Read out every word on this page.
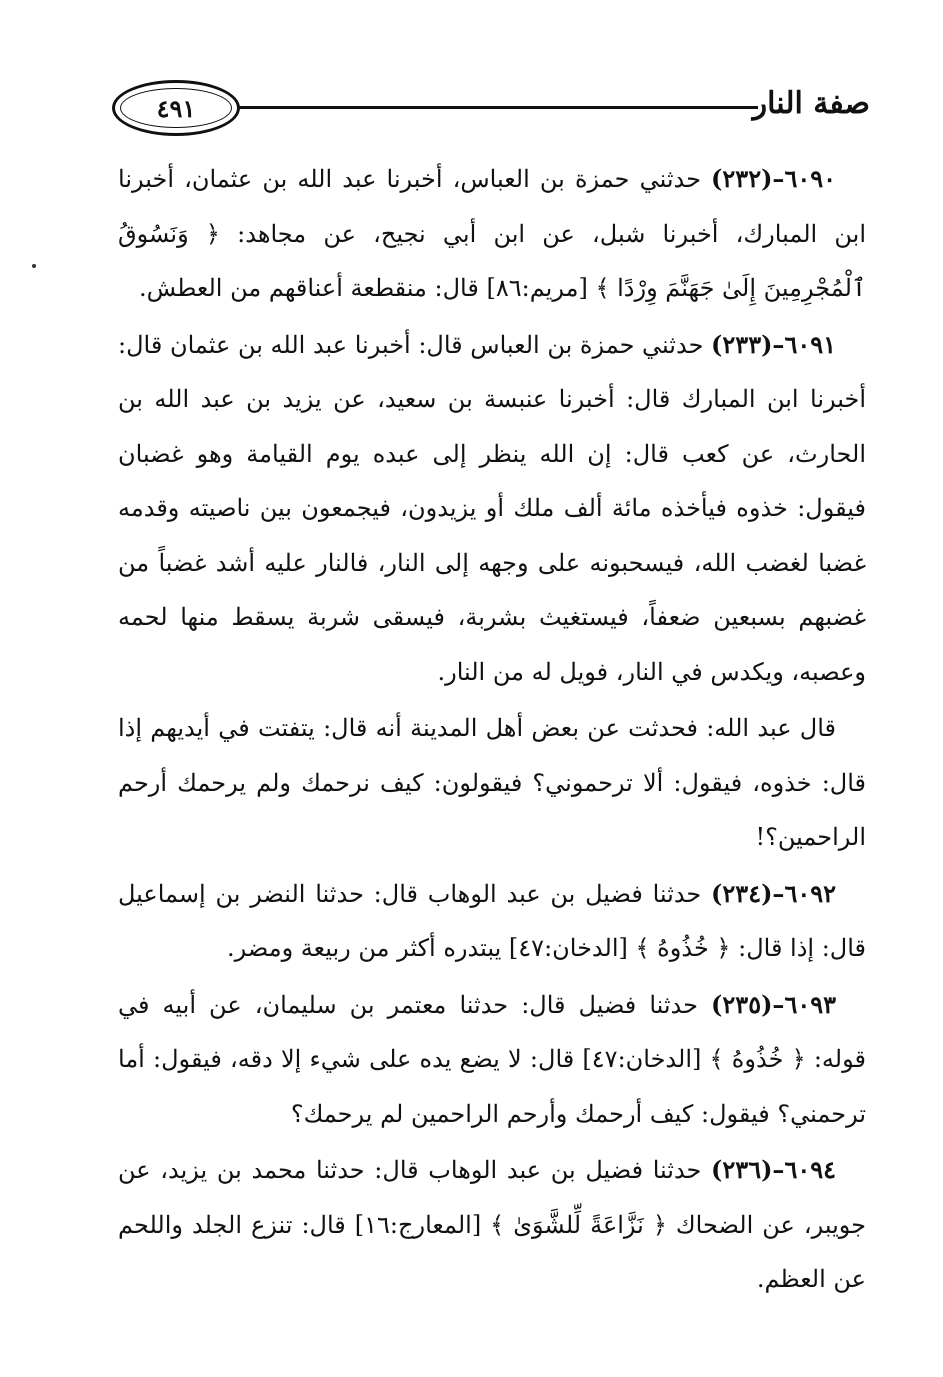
٤٩١	صفة النار

٦٠٩٠–(٢٣٢) حدثني حمزة بن العباس، أخبرنا عبد الله بن عثمان، أخبرنا ابن المبارك، أخبرنا شبل، عن ابن أبي نجيح، عن مجاهد: ﴿ وَنَسُوقُ ٱلْمُجْرِمِينَ إِلَىٰ جَهَنَّمَ وِرْدًا ﴾ [مريم:٨٦] قال: منقطعة أعناقهم من العطش.

٦٠٩١–(٢٣٣) حدثني حمزة بن العباس قال: أخبرنا عبد الله بن عثمان قال: أخبرنا ابن المبارك قال: أخبرنا عنبسة بن سعيد، عن يزيد بن عبد الله بن الحارث، عن كعب قال: إن الله ينظر إلى عبده يوم القيامة وهو غضبان فيقول: خذوه فيأخذه مائة ألف ملك أو يزيدون، فيجمعون بين ناصيته وقدمه غضبا لغضب الله، فيسحبونه على وجهه إلى النار، فالنار عليه أشد غضباً من غضبهم بسبعين ضعفاً، فيستغيث بشربة، فيسقى شربة يسقط منها لحمه وعصبه، ويكدس في النار، فويل له من النار.

قال عبد الله: فحدثت عن بعض أهل المدينة أنه قال: يتفتت في أيديهم إذا قال: خذوه، فيقول: ألا ترحموني؟ فيقولون: كيف نرحمك ولم يرحمك أرحم الراحمين؟!

٦٠٩٢–(٢٣٤) حدثنا فضيل بن عبد الوهاب قال: حدثنا النضر بن إسماعيل قال: إذا قال: ﴿ خُذُوهُ ﴾ [الدخان:٤٧] يبتدره أكثر من ربيعة ومضر.

٦٠٩٣–(٢٣٥) حدثنا فضيل قال: حدثنا معتمر بن سليمان، عن أبيه في قوله: ﴿ خُذُوهُ ﴾ [الدخان:٤٧] قال: لا يضع يده على شيء إلا دقه، فيقول: أما ترحمني؟ فيقول: كيف أرحمك وأرحم الراحمين لم يرحمك؟

٦٠٩٤–(٢٣٦) حدثنا فضيل بن عبد الوهاب قال: حدثنا محمد بن يزيد، عن جويبر، عن الضحاك ﴿ نَزَّاعَةً لِّلشَّوَىٰ ﴾ [المعارج:١٦] قال: تنزع الجلد واللحم عن العظم.
